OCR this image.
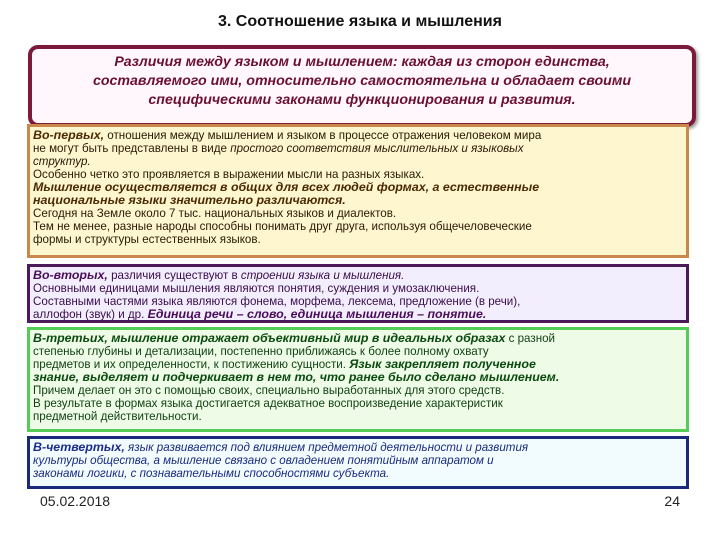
3. Соотношение языка и мышления
Различия между языком и мышлением: каждая из сторон единства,
составляемого ими, относительно самостоятельна и обладает своими
специфическими законами функционирования и развития.
Во-первых, отношения между мышлением и языком в процессе отражения человеком мира
не могут быть представлены в виде простого соответствия мыслительных и языковых
структур.
Особенно четко это проявляется в выражении мысли на разных языках.
Мышление осуществляется в общих для всех людей формах, а естественные
национальные языки значительно различаются.
Сегодня на Земле около 7 тыс. национальных языков и диалектов.
Тем не менее, разные народы способны понимать друг друга, используя общечеловеческие
формы и структуры естественных языков.
Во-вторых, различия существуют в строении языка и мышления.
Основными единицами мышления являются понятия, суждения и умозаключения.
Составными частями языка являются фонема, морфема, лексема, предложение (в речи),
аллофон (звук) и др. Единица речи – слово, единица мышления – понятие.
В-третьих, мышление отражает объективный мир в идеальных образах с разной
степенью глубины и детализации, постепенно приближаясь к более полному охвату
предметов и их определенности, к постижению сущности. Язык закрепляет полученное
знание, выделяет и подчеркивает в нем то, что ранее было сделано мышлением.
Причем делает он это с помощью своих, специально выработанных для этого средств.
В результате в формах языка достигается адекватное воспроизведение характеристик
предметной действительности.
В-четвертых, язык развивается под влиянием предметной деятельности и развития
культуры общества, а мышление связано с овладением понятийным аппаратом и
законами логики, с познавательными способностями субъекта.
05.02.2018	24
